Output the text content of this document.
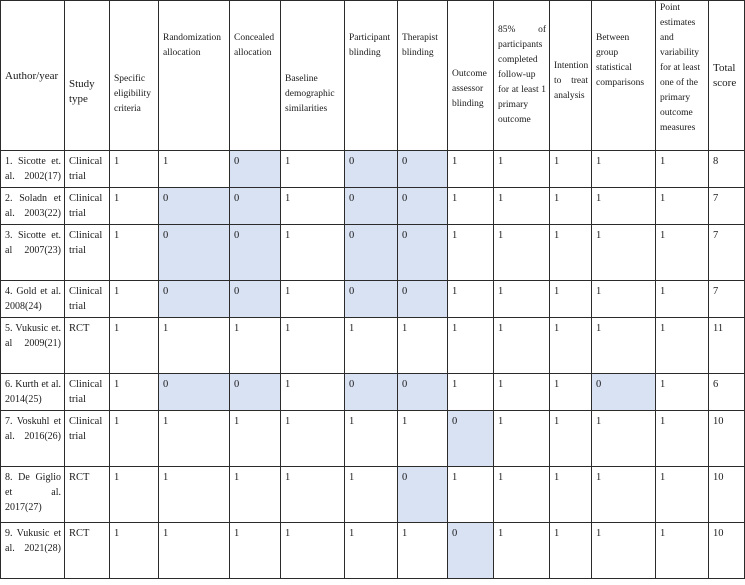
Author/year	Study type	Specific eligibility criteria	Randomization allocation	Concealed allocation	Baseline demographic similarities	Participant blinding	Therapist blinding	Outcome assessor blinding	85% of participants completed follow-up for at least 1 primary outcome	Intention to treat analysis	Between group statistical comparisons	Point estimates and variability for at least one of the primary outcome measures	Total score
1. Sicotte et. al. 2002(17)	Clinical trial	1	1	0	1	0	0	1	1	1	1	1	8
2. Soladn et al. 2003(22)	Clinical trial	1	0	0	1	0	0	1	1	1	1	1	7
3. Sicotte et. al 2007(23)	Clinical trial	1	0	0	1	0	0	1	1	1	1	1	7
4. Gold et al. 2008(24)	Clinical trial	1	0	0	1	0	0	1	1	1	1	1	7
5. Vukusic et. al 2009(21)	RCT	1	1	1	1	1	1	1	1	1	1	1	11
6. Kurth et al. 2014(25)	Clinical trial	1	0	0	1	0	0	1	1	1	0	1	6
7. Voskuhl et al. 2016(26)	Clinical trial	1	1	1	1	1	1	0	1	1	1	1	10
8. De Giglio et al. 2017(27)	RCT	1	1	1	1	1	0	1	1	1	1	1	10
9. Vukusic et al. 2021(28)	RCT	1	1	1	1	1	1	0	1	1	1	1	10
